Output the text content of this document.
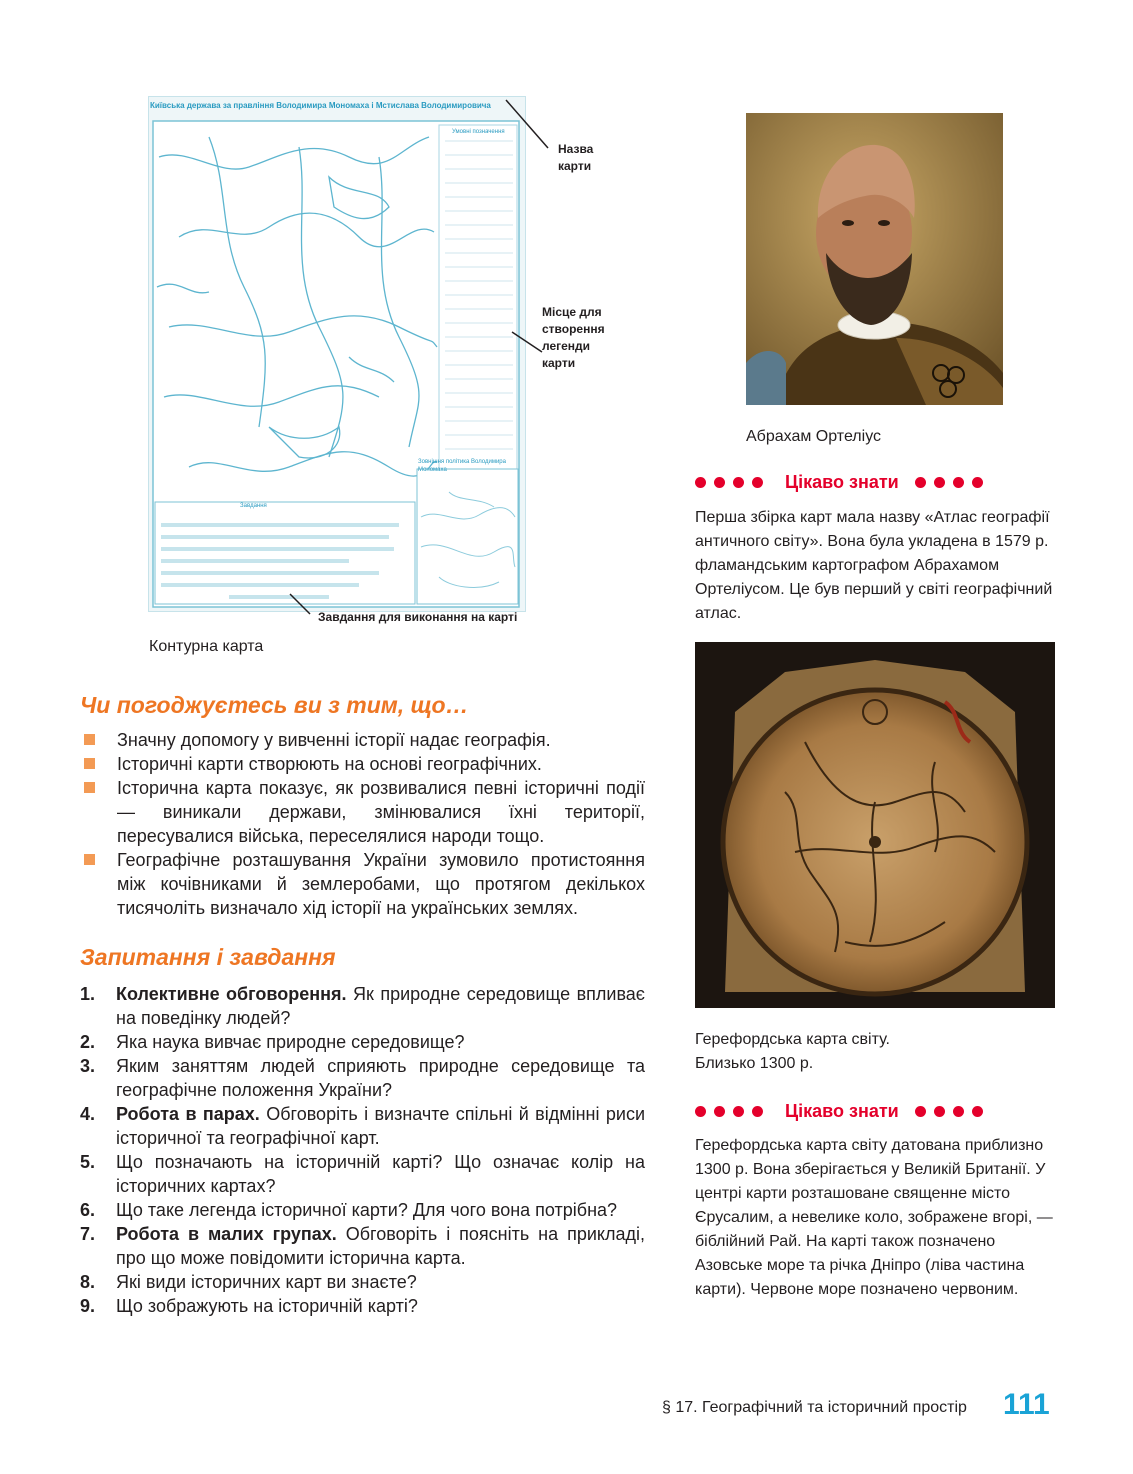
Київська держава за правління Володимира Мономаха і Мстислава Володимировича
Умовні позначення
Зовнішня політика Володимира Мономаха
Завдання
Назва
карти
Місце для
створення
легенди
карти
Завдання для виконання на карті
Контурна карта
Абрахам Ортеліус
Цікаво знати
Перша збірка карт мала назву «Атлас географії античного світу». Вона була укладена в 1579 р. фламандським картографом Абрахамом Ортеліусом. Це був перший у світі географічний атлас.
Герефордська карта світу.
Близько 1300 р.
Цікаво знати
Герефордська карта світу датована приблизно 1300 р. Вона зберігається у Великій Британії. У центрі карти розташоване священне місто Єрусалим, а невелике коло, зображене вгорі, — біблійний Рай. На карті також позначено Азовське море та річка Дніпро (ліва частина карти). Червоне море позначено червоним.
Чи погоджуєтесь ви з тим, що…
Значну допомогу у вивченні історії надає географія.
Історичні карти створюють на основі географічних.
Історична карта показує, як розвивалися певні історичні події — виникали держави, змінювалися їхні території, пересувалися війська, переселялися народи тощо.
Географічне розташування України зумовило протистояння між кочівниками й землеробами, що протягом декількох тисячоліть визначало хід історії на українських землях.
Запитання і завдання
1.	Колективне обговорення. Як природне середовище впливає на поведінку людей?
2.	Яка наука вивчає природне середовище?
3.	Яким заняттям людей сприяють природне середовище та географічне положення України?
4.	Робота в парах. Обговоріть і визначте спільні й відмінні риси історичної та географічної карт.
5.	Що позначають на історичній карті? Що означає колір на історичних картах?
6.	Що таке легенда історичної карти? Для чого вона потрібна?
7.	Робота в малих групах. Обговоріть і поясніть на прикладі, про що може повідомити історична карта.
8.	Які види історичних карт ви знаєте?
9.	Що зображують на історичній карті?
§ 17. Географічний та історичний простір 111
